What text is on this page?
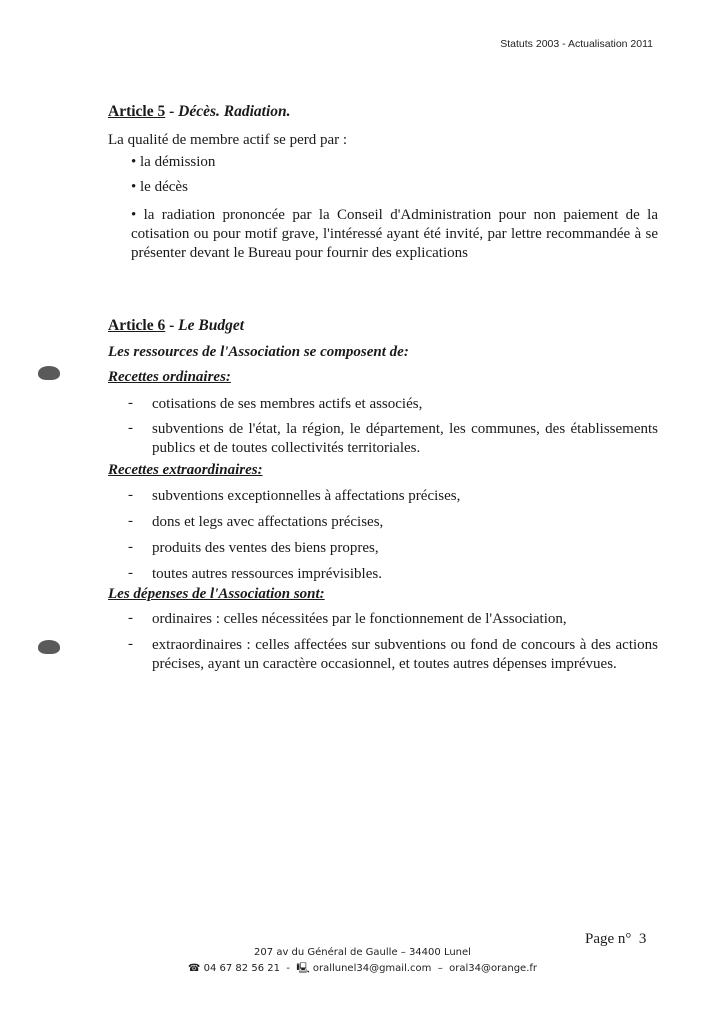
Statuts 2003 - Actualisation 2011
Article 5 - Décès. Radiation.
La qualité de membre actif se perd par :
• la démission
• le décès
• la radiation prononcée par la Conseil d'Administration pour non paiement de la cotisation ou pour motif grave, l'intéressé ayant été invité, par lettre recommandée à se présenter devant le Bureau pour fournir des explications
Article 6 - Le Budget
Les ressources de l'Association se composent de:
Recettes ordinaires:
- cotisations de ses membres actifs et associés,
- subventions de l'état, la région, le département, les communes, des établissements publics et de toutes collectivités territoriales.
Recettes extraordinaires:
- subventions exceptionnelles à affectations précises,
- dons et legs avec affectations précises,
- produits des ventes des biens propres,
- toutes autres ressources imprévisibles.
Les dépenses de l'Association sont:
- ordinaires : celles nécessitées par le fonctionnement de l'Association,
- extraordinaires : celles affectées sur subventions ou fond de concours à des actions précises, ayant un caractère occasionnel, et toutes autres dépenses imprévues.
Page n° 3
207 av du Général de Gaulle – 34400 Lunel
☎ 04 67 82 56 21  -  🖳 orallunel34@gmail.com  –  oral34@orange.fr
